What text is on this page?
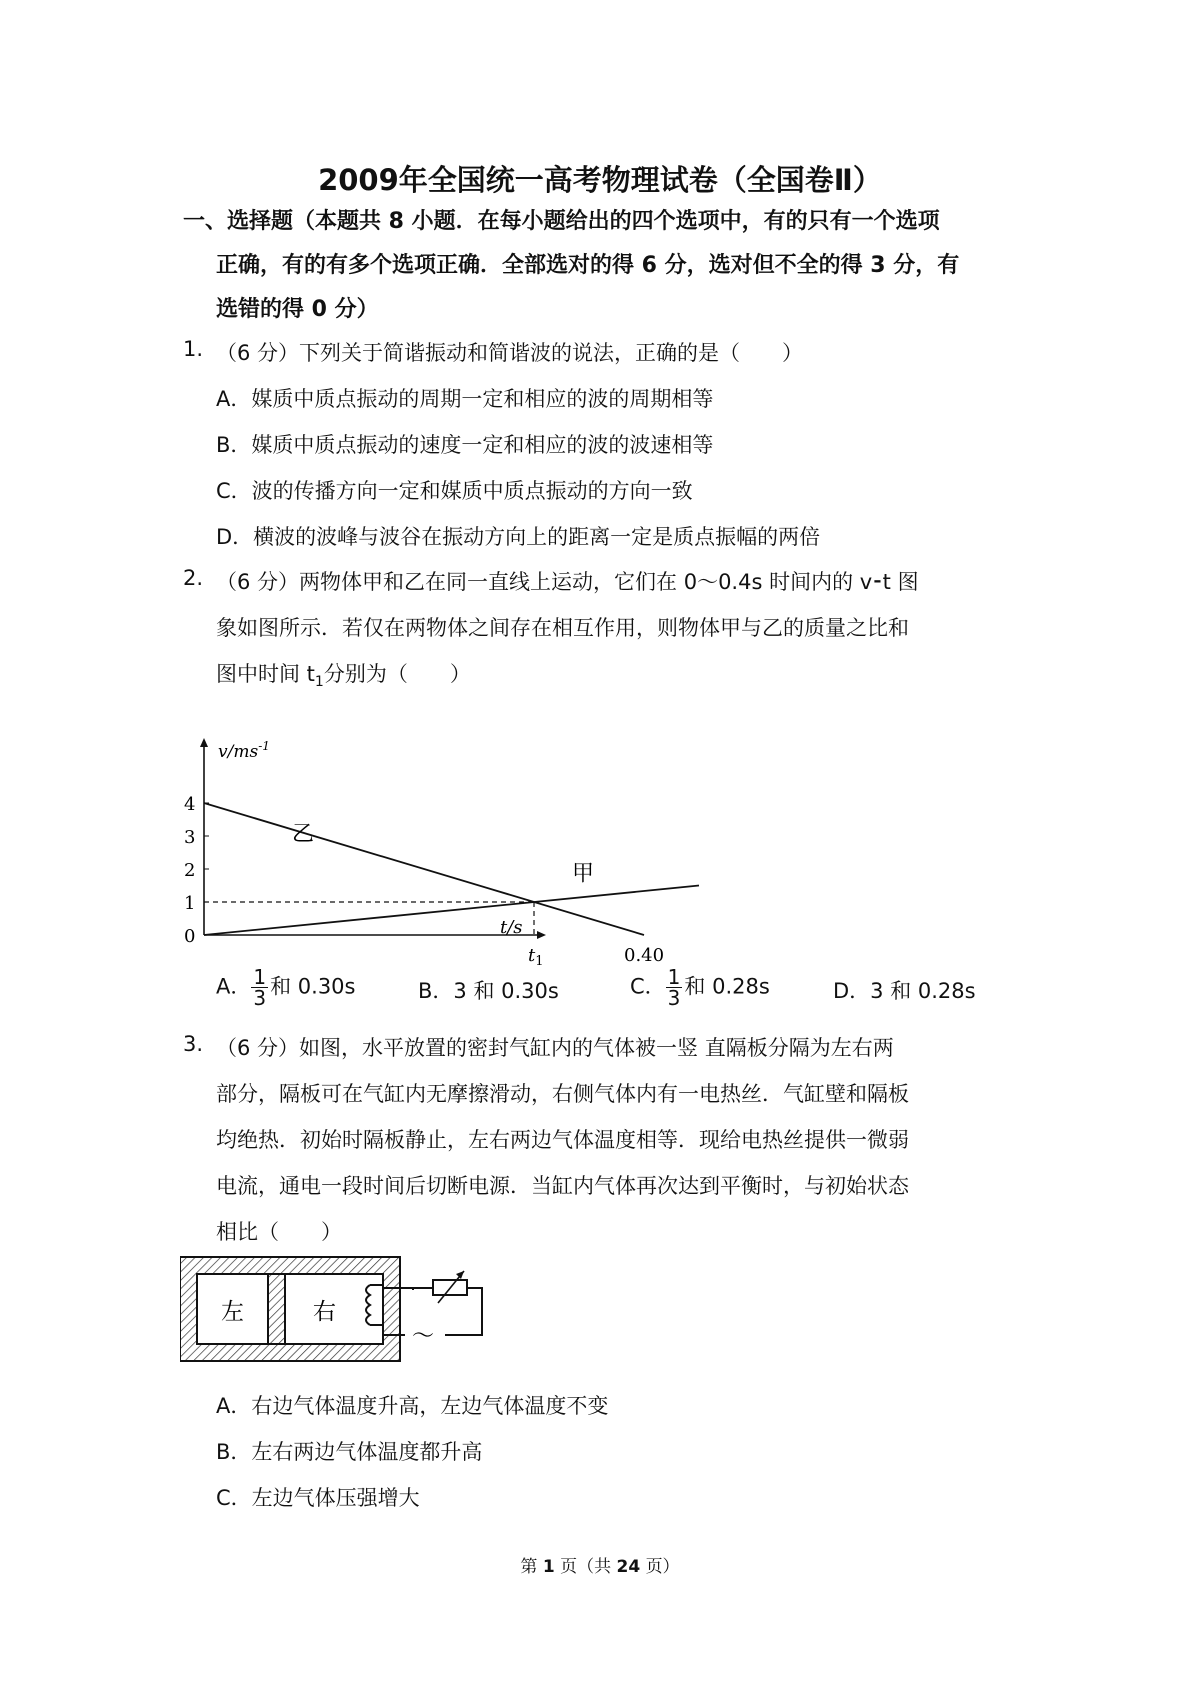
2009年全国统一高考物理试卷（全国卷Ⅱ）
一、选择题（本题共 8 小题．在每小题给出的四个选项中，有的只有一个选项
正确，有的有多个选项正确．全部选对的得 6 分，选对但不全的得 3 分，有
选错的得 0 分）
1. （6 分）下列关于简谐振动和简谐波的说法，正确的是（　　）
A．媒质中质点振动的周期一定和相应的波的周期相等
B．媒质中质点振动的速度一定和相应的波的波速相等
C．波的传播方向一定和媒质中质点振动的方向一致
D．横波的波峰与波谷在振动方向上的距离一定是质点振幅的两倍
2. （6 分）两物体甲和乙在同一直线上运动，它们在 0～0.4s 时间内的 v⁃t 图
象如图所示．若仅在两物体之间存在相互作用，则物体甲与乙的质量之比和
图中时间 $t_1$分别为（　　）
4
3
2
1
0
$v/ms^{-1}$
t/s
乙
甲
$t_1$	0.40
A． $\frac{1}{3}$ 和 0.30s	B．3 和 0.30s	C． $\frac{1}{3}$ 和 0.28s	D．3 和 0.28s
3. （6 分）如图，水平放置的密封气缸内的气体被一竖 直隔板分隔为左右两
部分，隔板可在气缸内无摩擦滑动，右侧气体内有一电热丝．气缸壁和隔板
均绝热．初始时隔板静止，左右两边气体温度相等．现给电热丝提供一微弱
电流，通电一段时间后切断电源．当缸内气体再次达到平衡时，与初始状态
相比（　　）
左	右
～
A．右边气体温度升高，左边气体温度不变
B．左右两边气体温度都升高
C．左边气体压强增大
第 1 页（共 24 页）
